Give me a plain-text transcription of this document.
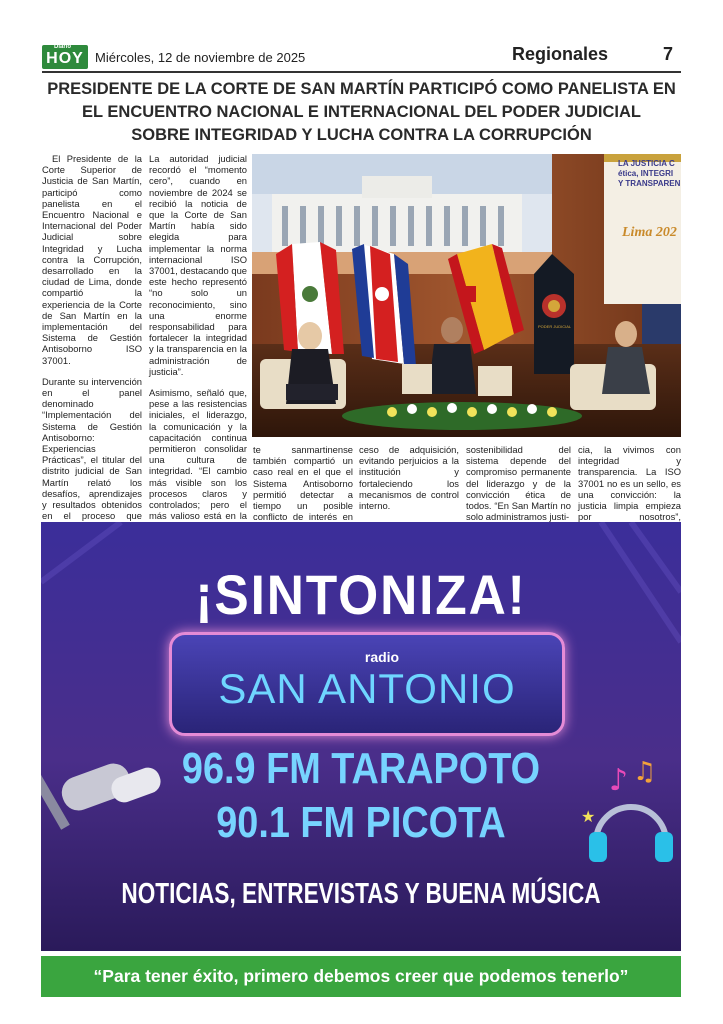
Diario
HOY Miércoles, 12 de noviembre de 2025	Regionales	7
PRESIDENTE DE LA CORTE DE SAN MARTÍN PARTICIPÓ COMO PANELISTA EN
EL ENCUENTRO NACIONAL E INTERNACIONAL DEL PODER JUDICIAL
SOBRE INTEGRIDAD Y LUCHA CONTRA LA CORRUPCIÓN

El Presidente de la Corte Superior de Justicia de San Martín, participó como panelista en el Encuentro Nacional e Internacional del Poder Judicial sobre Integridad y Lucha contra la Corrupción, desarrollado en la ciudad de Lima, donde compartió la experiencia de la Corte de San Martín en la implementación del Sistema de Gestión Antisoborno ISO 37001.

Durante su intervención en el panel denominado “Implementación del Sistema de Gestión Antisoborno: Experiencias Prácticas”, el titular del distrito judicial de San Martín relató los desafíos, aprendizajes y resultados obtenidos en el proceso que

La autoridad judicial recordó el “momento cero”, cuando en noviembre de 2024 se recibió la noticia de que la Corte de San Martín había sido elegida para implementar la norma internacional ISO 37001, destacando que este hecho representó “no solo un reconocimiento, sino una enorme responsabilidad para fortalecer la integridad y la transparencia en la administración de justicia”.

Asimismo, señaló que, pese a las resistencias iniciales, el liderazgo, la comunicación y la capacitación continua permitieron consolidar una cultura de integridad. “El cambio más visible son los procesos claros y controlados; pero el más valioso está en la

LA JUSTICIA C
ética, INTEGRI
Y TRANSPAREN
Lima 202
PODER JUDICIAL

te sanmartinense también compartió un caso real en el que el Sistema Antisoborno permitió detectar a tiempo un posible conflicto de interés en

ceso de adquisición, evitando perjuicios a la institución y fortaleciendo los mecanismos de control interno.

sostenibilidad del sistema depende del compromiso permanente del liderazgo y de la convicción ética de todos. “En San Martín no solo administramos justi-

cia, la vivimos con integridad y transparencia. La ISO 37001 no es un sello, es una convicción: la justicia limpia empieza por nosotros”,

♪ ♫
★
¡SINTONIZA!
radio
SAN ANTONIO
96.9 FM TARAPOTO
90.1 FM PICOTA
NOTICIAS, ENTREVISTAS Y BUENA MÚSICA
“Para tener éxito, primero debemos creer que podemos tenerlo”
